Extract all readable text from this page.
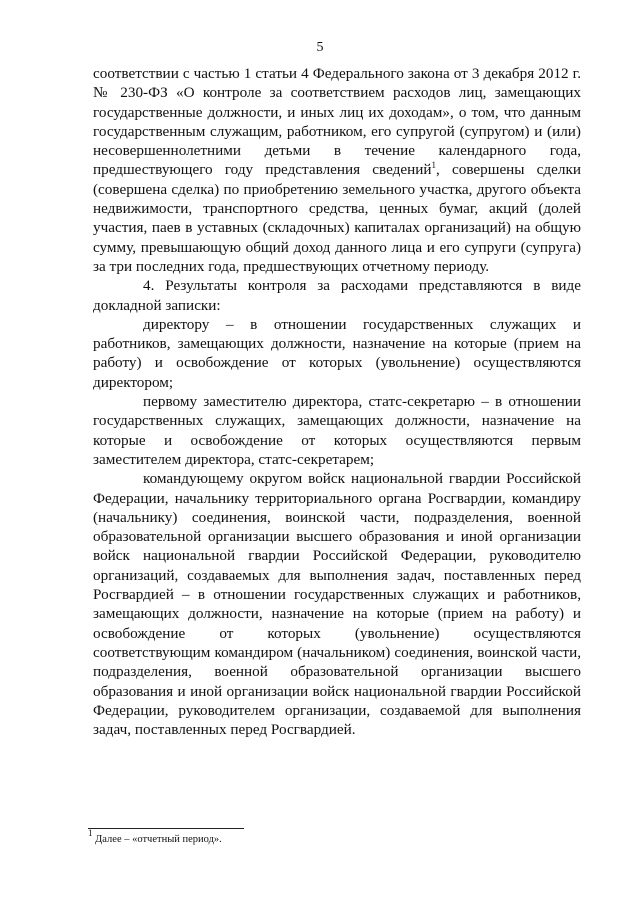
5

соответствии с частью 1 статьи 4 Федерального закона от 3 декабря 2012 г. № 230-ФЗ «О контроле за соответствием расходов лиц, замещающих государственные должности, и иных лиц их доходам», о том, что данным государственным служащим, работником, его супругой (супругом) и (или) несовершеннолетними детьми в течение календарного года, предшествующего году представления сведений$^1$, совершены сделки (совершена сделка) по приобретению земельного участка, другого объекта недвижимости, транспортного средства, ценных бумаг, акций (долей участия, паев в уставных (складочных) капиталах организаций) на общую сумму, превышающую общий доход данного лица и его супруги (супруга) за три последних года, предшествующих отчетному периоду.

4. Результаты контроля за расходами представляются в виде докладной записки:

директору – в отношении государственных служащих и работников, замещающих должности, назначение на которые (прием на работу) и освобождение от которых (увольнение) осуществляются директором;

первому заместителю директора, статс-секретарю – в отношении государственных служащих, замещающих должности, назначение на которые и освобождение от которых осуществляются первым заместителем директора, статс-секретарем;

командующему округом войск национальной гвардии Российской Федерации, начальнику территориального органа Росгвардии, командиру (начальнику) соединения, воинской части, подразделения, военной образовательной организации высшего образования и иной организации войск национальной гвардии Российской Федерации, руководителю организаций, создаваемых для выполнения задач, поставленных перед Росгвардией – в отношении государственных служащих и работников, замещающих должности, назначение на которые (прием на работу) и освобождение от которых (увольнение) осуществляются соответствующим командиром (начальником) соединения, воинской части, подразделения, военной образовательной организации высшего образования и иной организации войск национальной гвардии Российской Федерации, руководителем организации, создаваемой для выполнения задач, поставленных перед Росгвардией.

$^1$ Далее – «отчетный период».
